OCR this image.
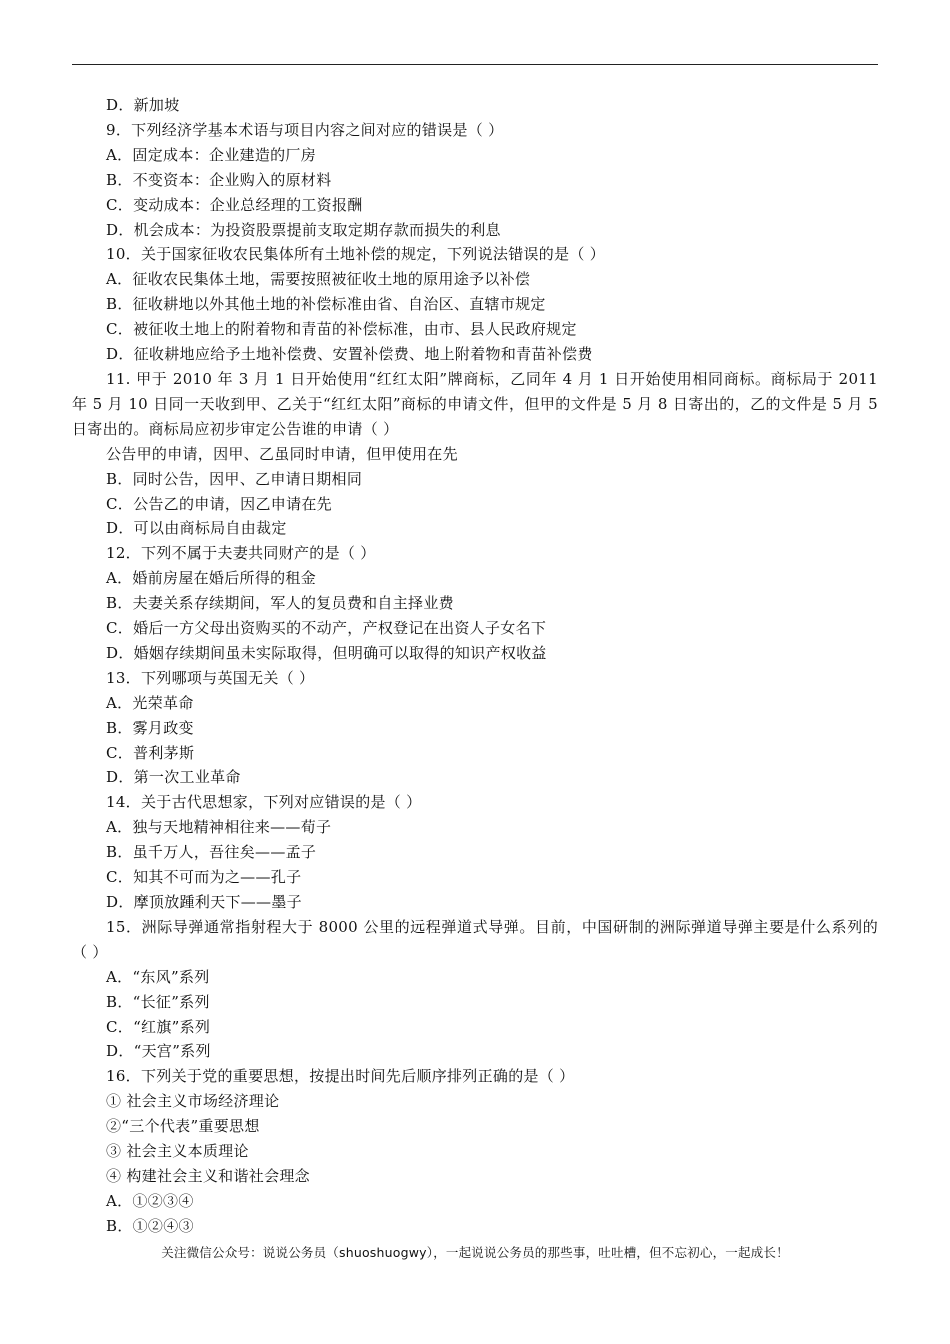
D．新加坡
9．下列经济学基本术语与项目内容之间对应的错误是（ ）
A．固定成本：企业建造的厂房
B．不变资本：企业购入的原材料
C．变动成本：企业总经理的工资报酬
D．机会成本：为投资股票提前支取定期存款而损失的利息
10．关于国家征收农民集体所有土地补偿的规定，下列说法错误的是（ ）
A．征收农民集体土地，需要按照被征收土地的原用途予以补偿
B．征收耕地以外其他土地的补偿标准由省、自治区、直辖市规定
C．被征收土地上的附着物和青苗的补偿标准，由市、县人民政府规定
D．征收耕地应给予土地补偿费、安置补偿费、地上附着物和青苗补偿费
11. 甲于 2010 年 3 月 1 日开始使用“红红太阳”牌商标，乙同年 4 月 1 日开始使用相同商标。商标局于 2011 年 5 月 10 日同一天收到甲、乙关于“红红太阳”商标的申请文件，但甲的文件是 5 月 8 日寄出的，乙的文件是 5 月 5 日寄出的。商标局应初步审定公告谁的申请（ ）
公告甲的申请，因甲、乙虽同时申请，但甲使用在先
B．同时公告，因甲、乙申请日期相同
C．公告乙的申请，因乙申请在先
D．可以由商标局自由裁定
12．下列不属于夫妻共同财产的是（ ）
A．婚前房屋在婚后所得的租金
B．夫妻关系存续期间，军人的复员费和自主择业费
C．婚后一方父母出资购买的不动产，产权登记在出资人子女名下
D．婚姻存续期间虽未实际取得，但明确可以取得的知识产权收益
13．下列哪项与英国无关（ ）
A．光荣革命
B．雾月政变
C．普利茅斯
D．第一次工业革命
14．关于古代思想家，下列对应错误的是（ ）
A．独与天地精神相往来——荀子
B．虽千万人，吾往矣——孟子
C．知其不可而为之——孔子
D．摩顶放踵利天下——墨子
15．洲际导弹通常指射程大于 8000 公里的远程弹道式导弹。目前，中国研制的洲际弹道导弹主要是什么系列的（ ）
A．“东风”系列
B．“长征”系列
C．“红旗”系列
D．“天宫”系列
16．下列关于党的重要思想，按提出时间先后顺序排列正确的是（ ）
① 社会主义市场经济理论
②“三个代表”重要思想
③ 社会主义本质理论
④ 构建社会主义和谐社会理念
A．①②③④
B．①②④③
关注微信公众号：说说公务员（shuoshuogwy），一起说说公务员的那些事，吐吐槽，但不忘初心，一起成长！
